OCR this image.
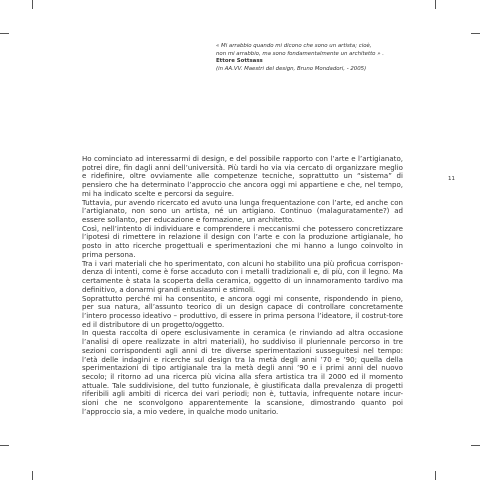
« Mi arrabbio quando mi dicono che sono un artista; cioè,
non mi arrabbio, ma sono fondamentalmente un architetto » .
Ettore Sottsass
(in AA.VV. Maestri del design, Bruno Mondadori, - 2005)

Ho cominciato ad interessarmi di design, e del possibile rapporto con l’arte e l’artigianato, potrei dire, fin dagli anni dell’università. Più tardi ho via via cercato di organizzare meglio e ridefinire, oltre ovviamente alle competenze tecniche, soprattutto un “sistema” di pensiero che ha determinato l’approccio che ancora oggi mi appartiene e che, nel tempo, mi ha indicato scelte e percorsi da seguire.

Tuttavia, pur avendo ricercato ed avuto una lunga frequentazione con l’arte, ed anche con l’artigianato, non sono un artista, né un artigiano. Continuo (malaguratamente?) ad essere sollanto, per educazione e formazione, un architetto.

Così, nell’intento di individuare e comprendere i meccanismi che potessero concretizzare l’ipotesi di rimettere in relazione il design con l’arte e con la produzione artigianale, ho posto in atto ricerche progettuali e sperimentazioni che mi hanno a lungo coinvolto in prima persona.

Tra i vari materiali che ho sperimentato, con alcuni ho stabilito una più proficua corrispon-denza di intenti, come è forse accaduto con i metalli tradizionali e, di più, con il legno. Ma certamente è stata la scoperta della ceramica, oggetto di un innamoramento tardivo ma definitivo, a donarmi grandi entusiasmi e stimoli.

Soprattutto perché mi ha consentito, e ancora oggi mi consente, rispondendo in pieno, per sua natura, all’assunto teorico di un design capace di controllare concretamente l’intero processo ideativo – produttivo, di essere in prima persona l’ideatore, il costrut-tore ed il distributore di un progetto/oggetto.

In questa raccolta di opere esclusivamente in ceramica (e rinviando ad altra occasione l’analisi di opere realizzate in altri materiali), ho suddiviso il pluriennale percorso in tre sezioni corrispondenti agli anni di tre diverse sperimentazioni susseguitesi nel tempo: l’età delle indagini e ricerche sul design tra la metà degli anni ’70 e ’90; quella della sperimentazioni di tipo artigianale tra la metà degli anni ’90 e i primi anni del nuovo secolo; il ritorno ad una ricerca più vicina alla sfera artistica tra il 2000 ed il momento attuale. Tale suddivisione, del tutto funzionale, è giustificata dalla prevalenza di progetti riferibili agli ambiti di ricerca dei vari periodi; non è, tuttavia, infrequente notare incur-sioni che ne sconvolgono apparentemente la scansione, dimostrando quanto poi l’approccio sia, a mio vedere, in qualche modo unitario.

11
